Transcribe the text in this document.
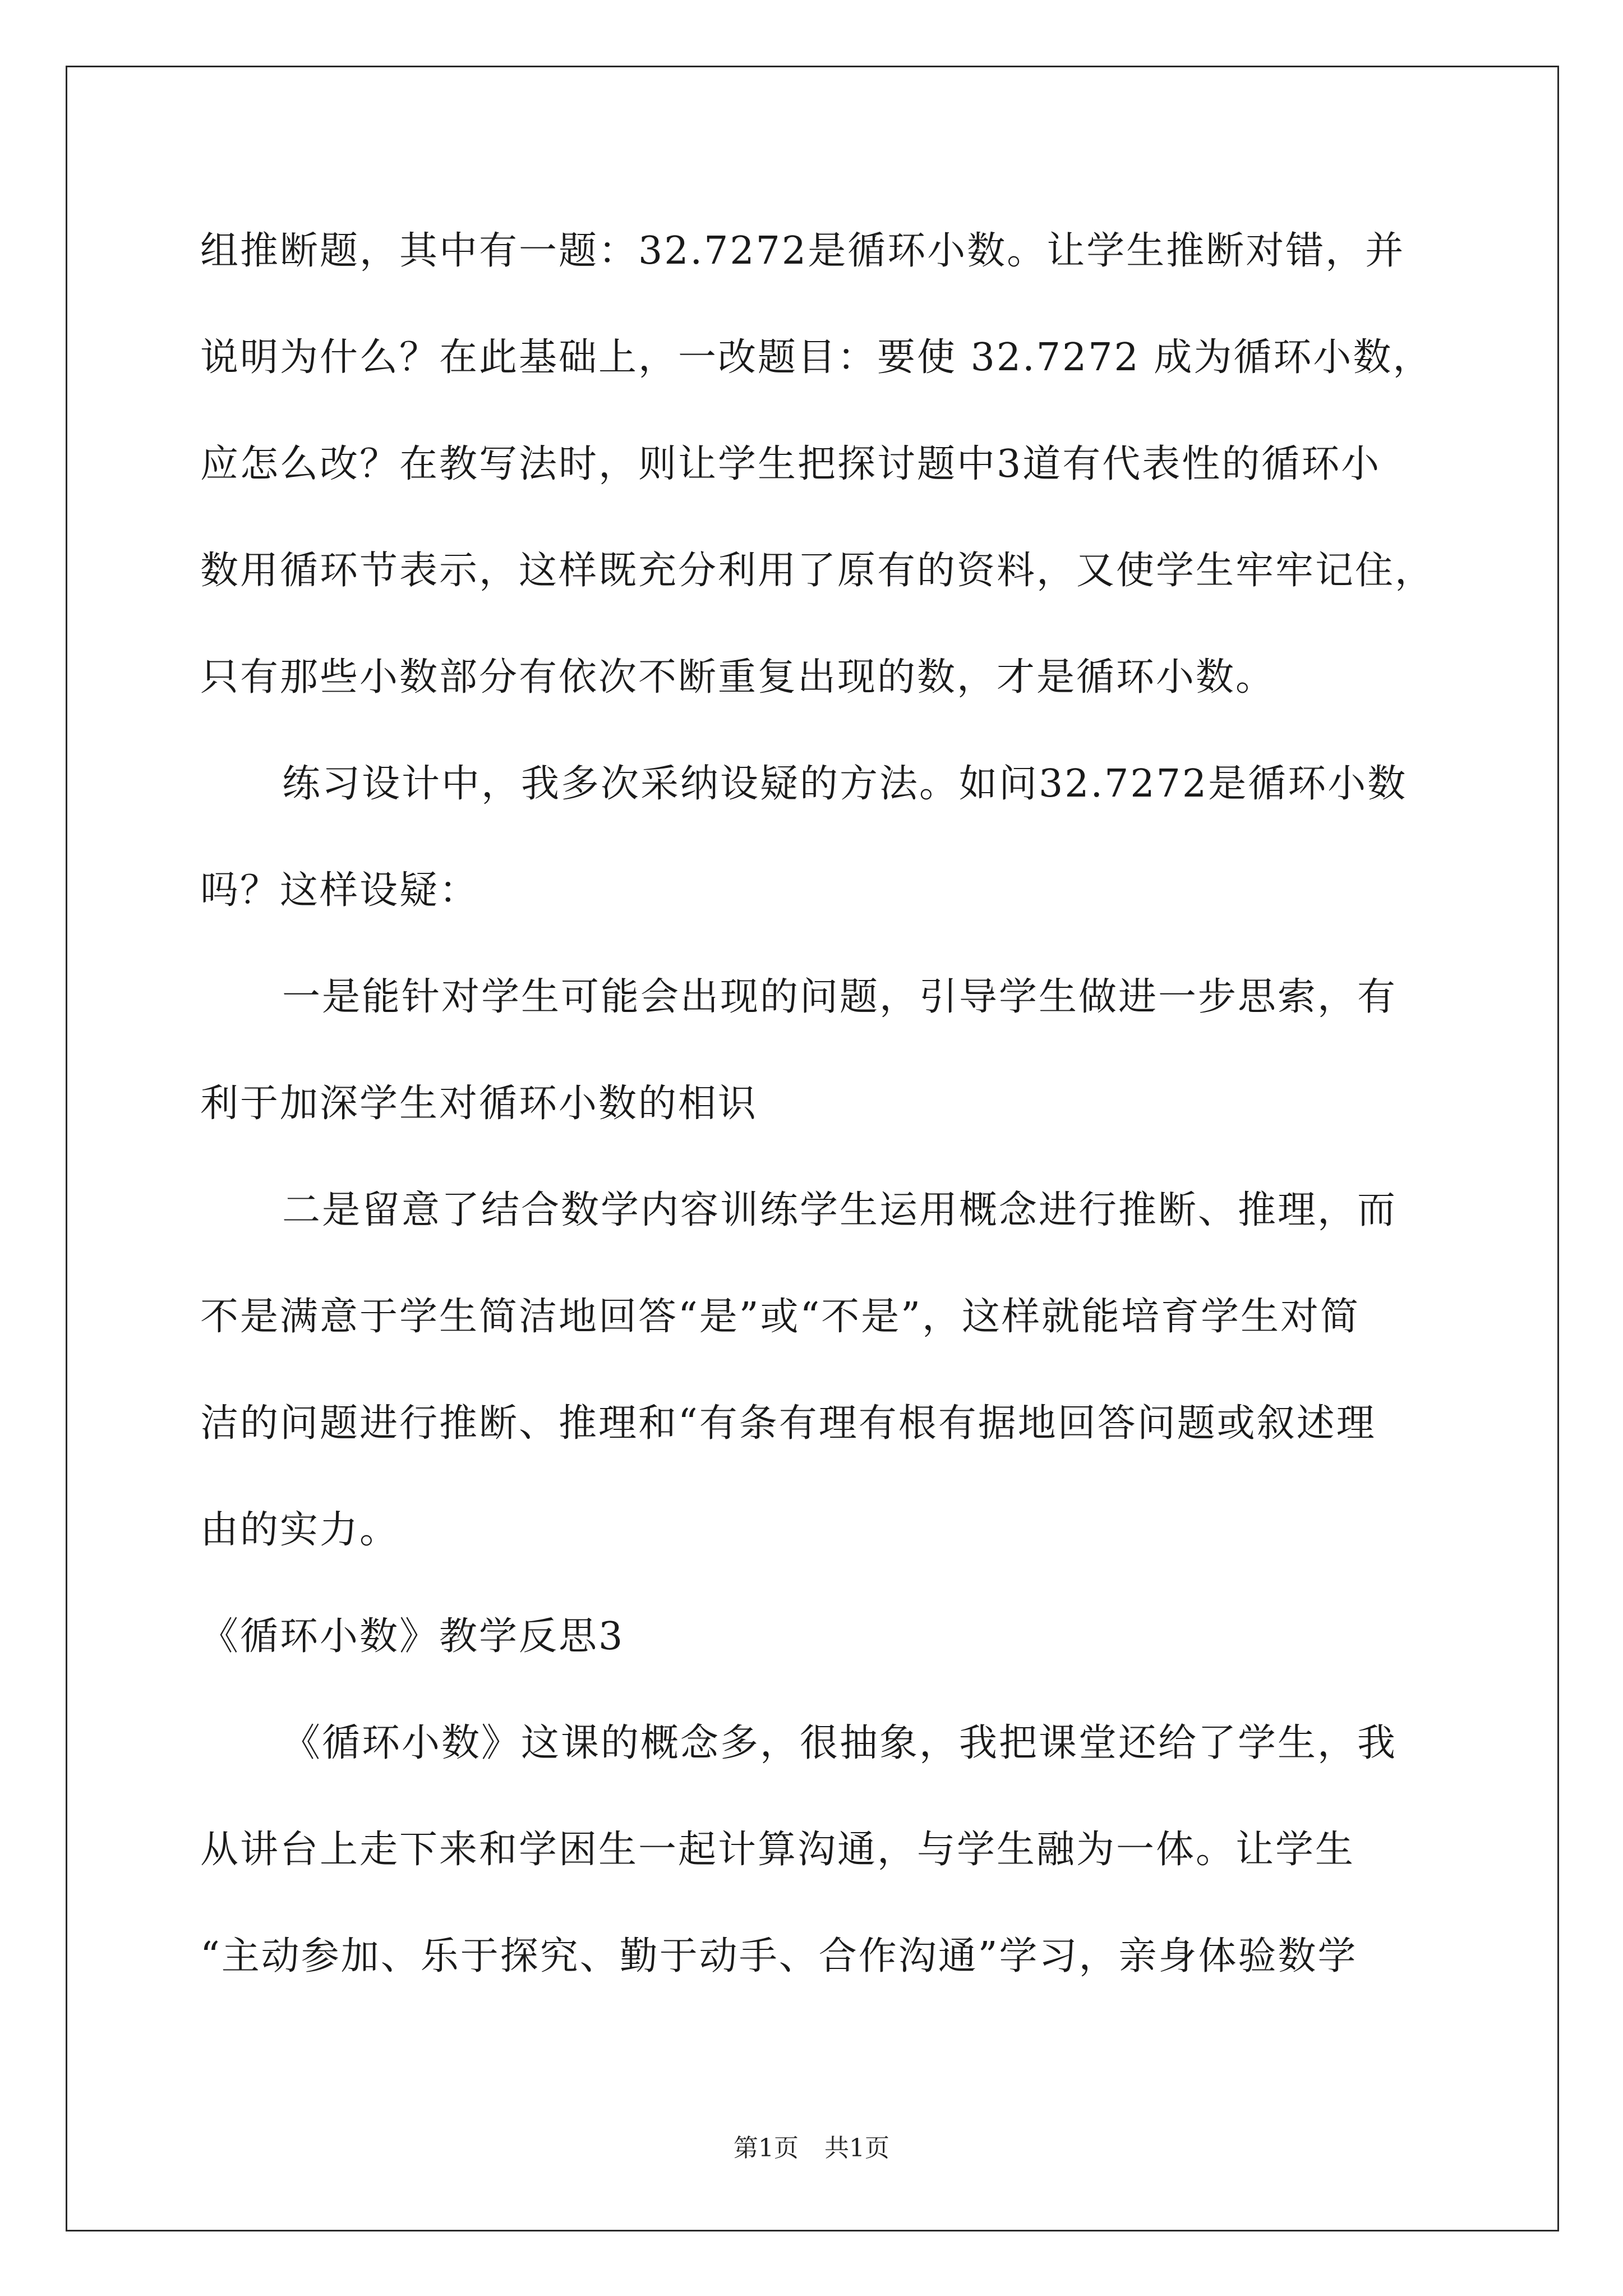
组推断题，其中有一题：32.7272是循环小数。让学生推断对错，并
说明为什么？在此基础上，一改题目：要使 32.7272 成为循环小数，
应怎么改？在教写法时，则让学生把探讨题中3道有代表性的循环小
数用循环节表示，这样既充分利用了原有的资料，又使学生牢牢记住，
只有那些小数部分有依次不断重复出现的数，才是循环小数。
练习设计中，我多次采纳设疑的方法。如问32.7272是循环小数
吗？这样设疑：
一是能针对学生可能会出现的问题，引导学生做进一步思索，有
利于加深学生对循环小数的相识
二是留意了结合数学内容训练学生运用概念进行推断、推理，而
不是满意于学生简洁地回答“是”或“不是”，这样就能培育学生对简
洁的问题进行推断、推理和“有条有理有根有据地回答问题或叙述理
由的实力。
《循环小数》教学反思3
《循环小数》这课的概念多，很抽象，我把课堂还给了学生，我
从讲台上走下来和学困生一起计算沟通，与学生融为一体。让学生
“主动参加、乐于探究、勤于动手、合作沟通”学习，亲身体验数学
第1页 共1页
